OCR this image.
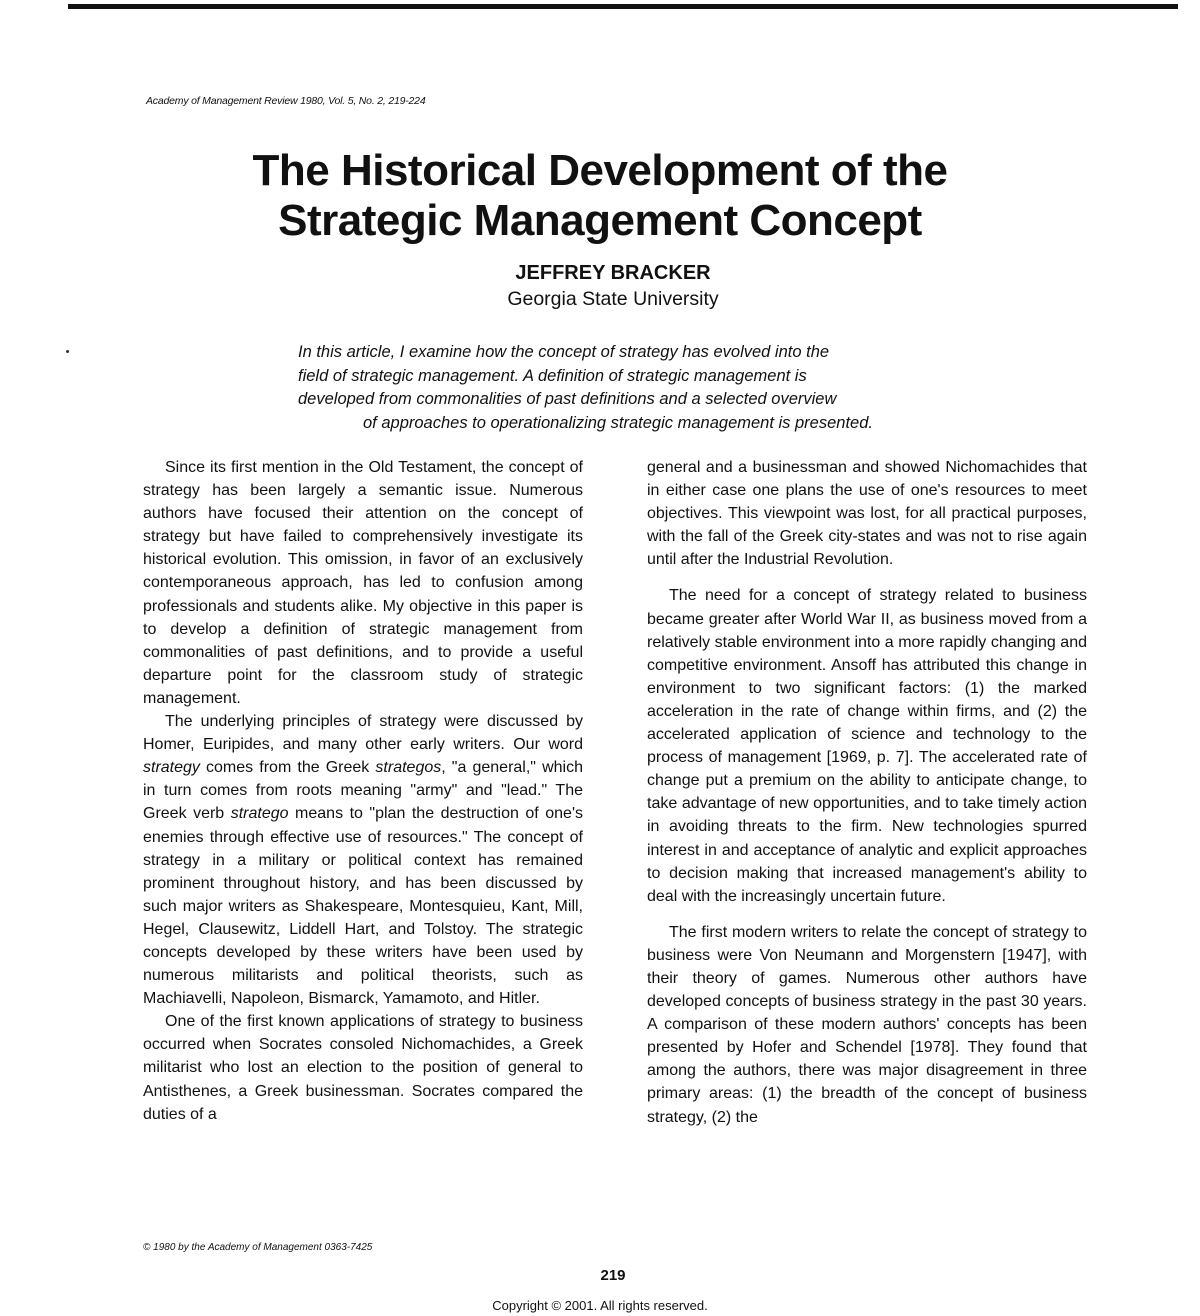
Academy of Management Review 1980, Vol. 5, No. 2, 219-224
The Historical Development of the
Strategic Management Concept
JEFFREY BRACKER
Georgia State University
In this article, I examine how the concept of strategy has evolved into the
field of strategic management. A definition of strategic management is
developed from commonalities of past definitions and a selected overview
of approaches to operationalizing strategic management is presented.

Since its first mention in the Old Testament, the concept of strategy has been largely a semantic issue. Numerous authors have focused their attention on the concept of strategy but have failed to comprehensively investigate its historical evolution. This omission, in favor of an exclusively contemporaneous approach, has led to confusion among professionals and students alike. My objective in this paper is to develop a definition of strategic management from commonalities of past definitions, and to provide a useful departure point for the classroom study of strategic management.

The underlying principles of strategy were discussed by Homer, Euripides, and many other early writers. Our word strategy comes from the Greek strategos, "a general," which in turn comes from roots meaning "army" and "lead." The Greek verb stratego means to "plan the destruction of one's enemies through effective use of resources." The concept of strategy in a military or political context has remained prominent throughout history, and has been discussed by such major writers as Shakespeare, Montesquieu, Kant, Mill, Hegel, Clausewitz, Liddell Hart, and Tolstoy. The strategic concepts developed by these writers have been used by numerous militarists and political theorists, such as Machiavelli, Napoleon, Bismarck, Yamamoto, and Hitler.

One of the first known applications of strategy to business occurred when Socrates consoled Nichomachides, a Greek militarist who lost an election to the position of general to Antisthenes, a Greek businessman. Socrates compared the duties of a

general and a businessman and showed Nichomachides that in either case one plans the use of one's resources to meet objectives. This viewpoint was lost, for all practical purposes, with the fall of the Greek city-states and was not to rise again until after the Industrial Revolution.

The need for a concept of strategy related to business became greater after World War II, as business moved from a relatively stable environment into a more rapidly changing and competitive environment. Ansoff has attributed this change in environment to two significant factors: (1) the marked acceleration in the rate of change within firms, and (2) the accelerated application of science and technology to the process of management [1969, p. 7]. The accelerated rate of change put a premium on the ability to anticipate change, to take advantage of new opportunities, and to take timely action in avoiding threats to the firm. New technologies spurred interest in and acceptance of analytic and explicit approaches to decision making that increased management's ability to deal with the increasingly uncertain future.

The first modern writers to relate the concept of strategy to business were Von Neumann and Morgenstern [1947], with their theory of games. Numerous other authors have developed concepts of business strategy in the past 30 years. A comparison of these modern authors' concepts has been presented by Hofer and Schendel [1978]. They found that among the authors, there was major disagreement in three primary areas: (1) the breadth of the concept of business strategy, (2) the

© 1980 by the Academy of Management 0363-7425
219
Copyright © 2001. All rights reserved.
